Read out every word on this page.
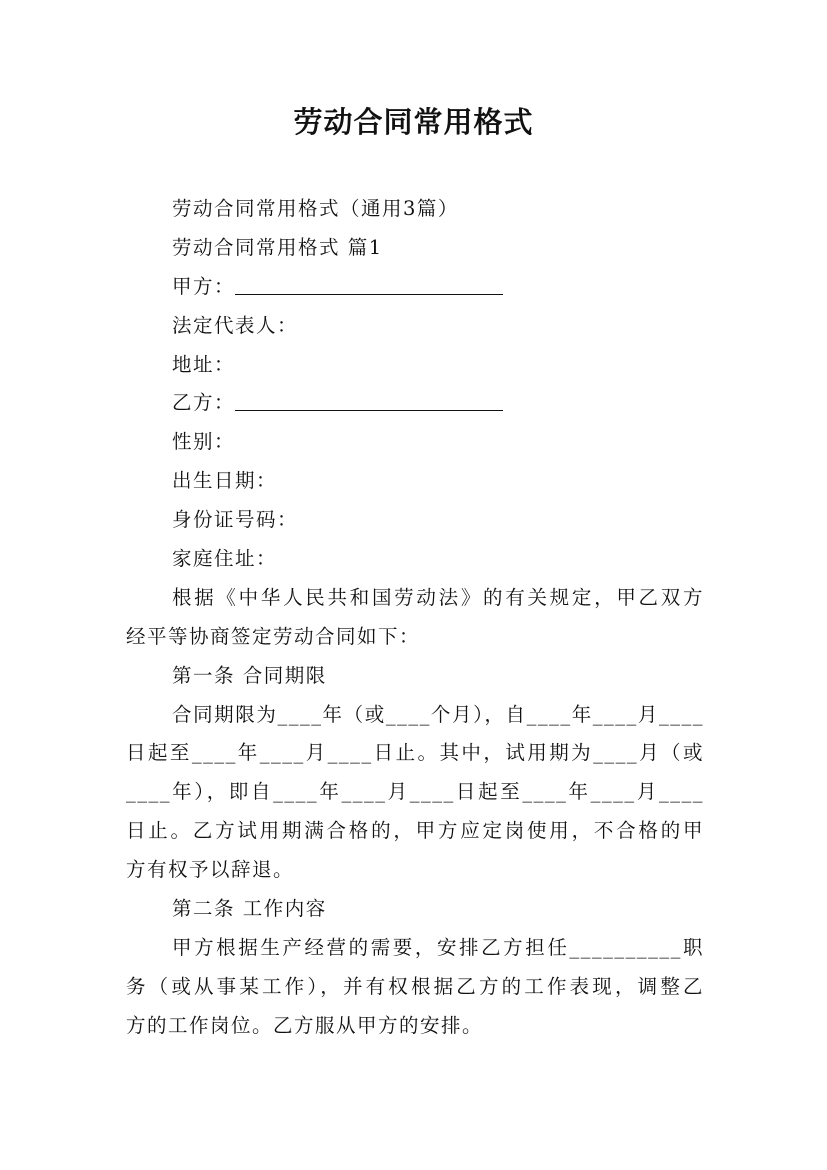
劳动合同常用格式
劳动合同常用格式（通用3篇）
劳动合同常用格式 篇1
甲方：
法定代表人：
地址：
乙方：
性别：
出生日期：
身份证号码：
家庭住址：
根据《中华人民共和国劳动法》的有关规定，甲乙双方
经平等协商签定劳动合同如下：
第一条 合同期限
合同期限为____年（或____个月），自____年____月____
日起至____年____月____日止。其中，试用期为____月（或
____年），即自____年____月____日起至____年____月____
日止。乙方试用期满合格的，甲方应定岗使用，不合格的甲
方有权予以辞退。
第二条 工作内容
甲方根据生产经营的需要，安排乙方担任__________职
务（或从事某工作），并有权根据乙方的工作表现，调整乙
方的工作岗位。乙方服从甲方的安排。
